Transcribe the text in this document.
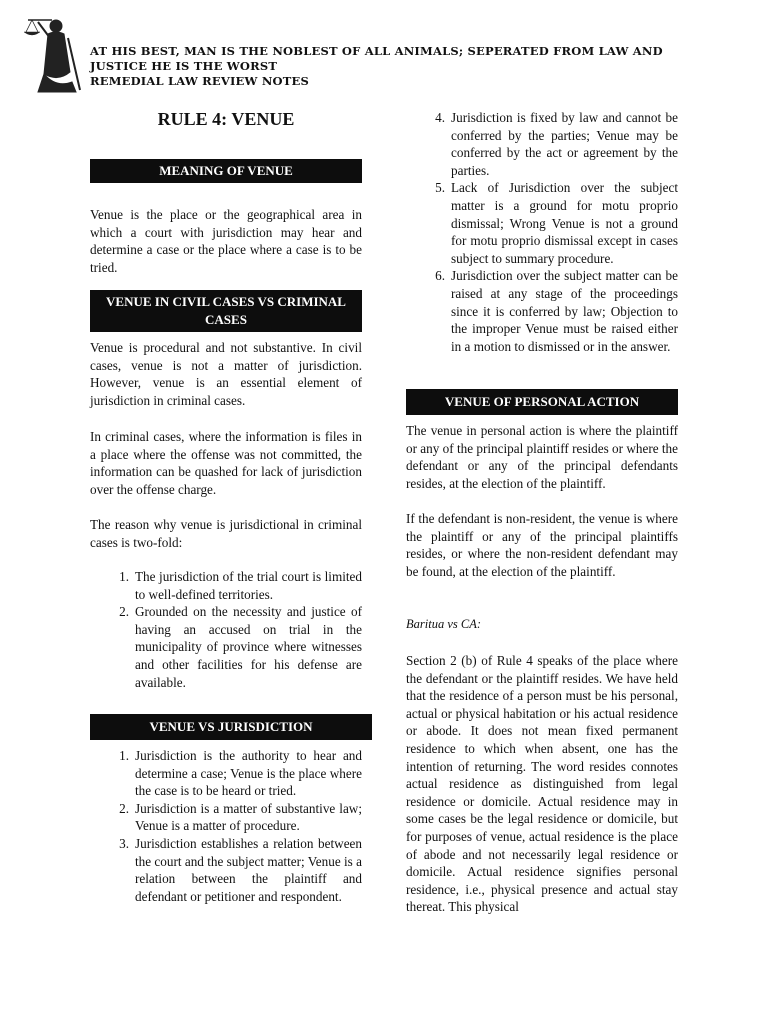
AT HIS BEST, MAN IS THE NOBLEST OF ALL ANIMALS; SEPERATED FROM LAW AND
JUSTICE HE IS THE WORST
REMEDIAL LAW REVIEW NOTES
RULE 4: VENUE
MEANING OF VENUE
Venue is the place or the geographical area in which a court with jurisdiction may hear and determine a case or the place where a case is to be tried.
VENUE IN CIVIL CASES VS CRIMINAL CASES
Venue is procedural and not substantive. In civil cases, venue is not a matter of jurisdiction. However, venue is an essential element of jurisdiction in criminal cases.
In criminal cases, where the information is files in a place where the offense was not committed, the information can be quashed for lack of jurisdiction over the offense charge.
The reason why venue is jurisdictional in criminal cases is two-fold:
1. The jurisdiction of the trial court is limited to well-defined territories.
2. Grounded on the necessity and justice of having an accused on trial in the municipality of province where witnesses and other facilities for his defense are available.
VENUE VS JURISDICTION
1. Jurisdiction is the authority to hear and determine a case; Venue is the place where the case is to be heard or tried.
2. Jurisdiction is a matter of substantive law; Venue is a matter of procedure.
3. Jurisdiction establishes a relation between the court and the subject matter; Venue is a relation between the plaintiff and defendant or petitioner and respondent.
4. Jurisdiction is fixed by law and cannot be conferred by the parties; Venue may be conferred by the act or agreement by the parties.
5. Lack of Jurisdiction over the subject matter is a ground for motu proprio dismissal; Wrong Venue is not a ground for motu proprio dismissal except in cases subject to summary procedure.
6. Jurisdiction over the subject matter can be raised at any stage of the proceedings since it is conferred by law; Objection to the improper Venue must be raised either in a motion to dismissed or in the answer.
VENUE OF PERSONAL ACTION
The venue in personal action is where the plaintiff or any of the principal plaintiff resides or where the defendant or any of the principal defendants resides, at the election of the plaintiff.
If the defendant is non-resident, the venue is where the plaintiff or any of the principal plaintiffs resides, or where the non-resident defendant may be found, at the election of the plaintiff.
Baritua vs CA:
Section 2 (b) of Rule 4 speaks of the place where the defendant or the plaintiff resides. We have held that the residence of a person must be his personal, actual or physical habitation or his actual residence or abode. It does not mean fixed permanent residence to which when absent, one has the intention of returning. The word resides connotes actual residence as distinguished from legal residence or domicile. Actual residence may in some cases be the legal residence or domicile, but for purposes of venue, actual residence is the place of abode and not necessarily legal residence or domicile. Actual residence signifies personal residence, i.e., physical presence and actual stay thereat. This physical
